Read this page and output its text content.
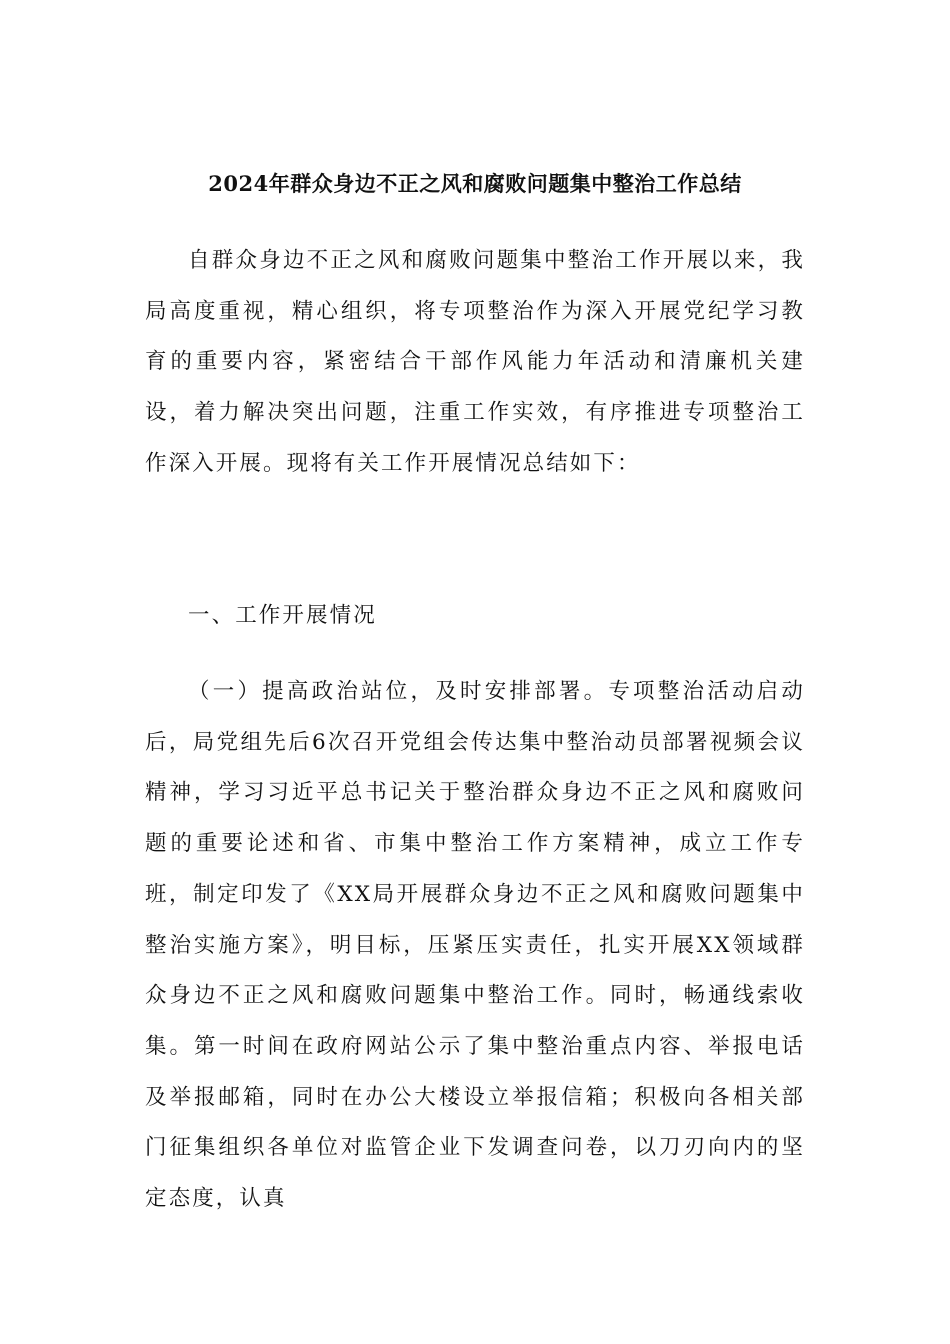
2024年群众身边不正之风和腐败问题集中整治工作总结

自群众身边不正之风和腐败问题集中整治工作开展以来，我局高度重视，精心组织，将专项整治作为深入开展党纪学习教育的重要内容，紧密结合干部作风能力年活动和清廉机关建设，着力解决突出问题，注重工作实效，有序推进专项整治工作深入开展。现将有关工作开展情况总结如下：

一、工作开展情况

（一）提高政治站位，及时安排部署。专项整治活动启动后，局党组先后6次召开党组会传达集中整治动员部署视频会议精神，学习习近平总书记关于整治群众身边不正之风和腐败问题的重要论述和省、市集中整治工作方案精神，成立工作专班，制定印发了《XX局开展群众身边不正之风和腐败问题集中整治实施方案》，明目标，压紧压实责任，扎实开展XX领域群众身边不正之风和腐败问题集中整治工作。同时，畅通线索收集。第一时间在政府网站公示了集中整治重点内容、举报电话及举报邮箱，同时在办公大楼设立举报信箱；积极向各相关部门征集组织各单位对监管企业下发调查问卷，以刀刃向内的坚定态度，认真
